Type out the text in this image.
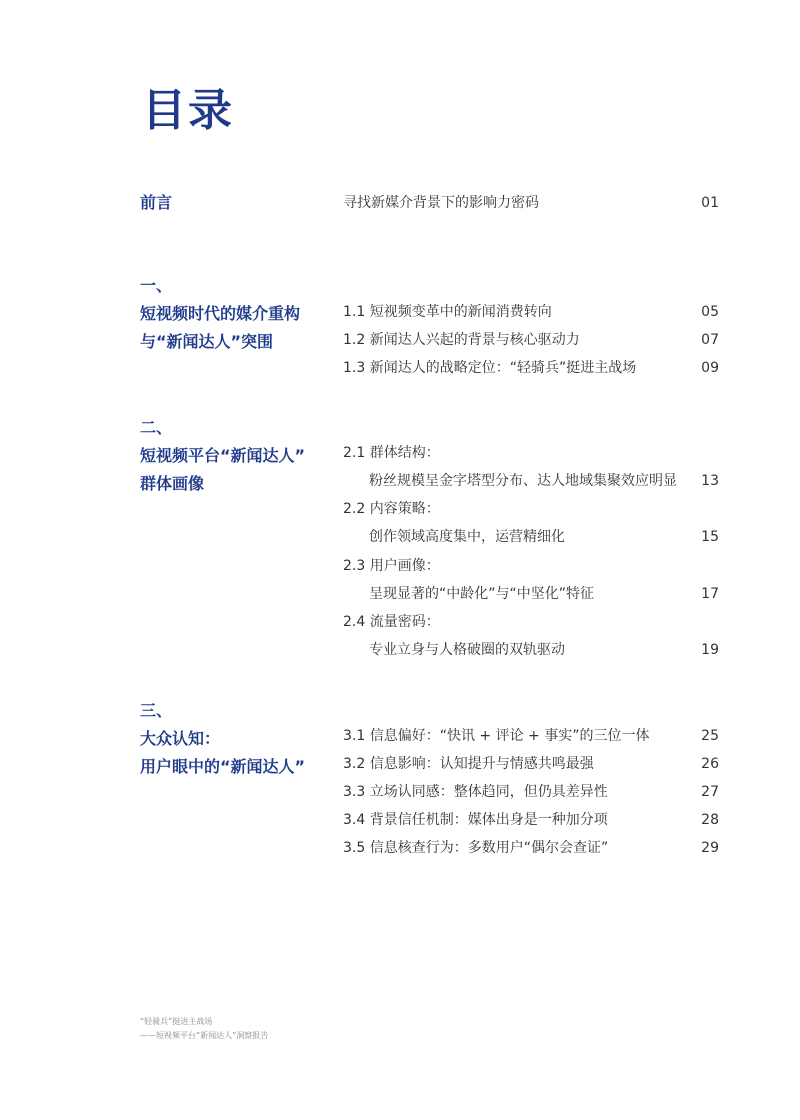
目录
前言	寻找新媒介背景下的影响力密码	01
一、
短视频时代的媒介重构
与“新闻达人”突围
1.1 短视频变革中的新闻消费转向	05
1.2 新闻达人兴起的背景与核心驱动力	07
1.3 新闻达人的战略定位：“轻骑兵”挺进主战场	09
二、
短视频平台“新闻达人”
群体画像
2.1 群体结构：
粉丝规模呈金字塔型分布、达人地域集聚效应明显 13
2.2 内容策略：
创作领域高度集中，运营精细化	15
2.3 用户画像：
呈现显著的“中龄化”与“中坚化”特征	17
2.4 流量密码：
专业立身与人格破圈的双轨驱动	19
三、
大众认知：
用户眼中的“新闻达人”
3.1 信息偏好：“快讯 + 评论 + 事实”的三位一体	25
3.2 信息影响：认知提升与情感共鸣最强	26
3.3 立场认同感：整体趋同，但仍具差异性	27
3.4 背景信任机制：媒体出身是一种加分项	28
3.5 信息核查行为：多数用户“偶尔会查证”	29
“轻骑兵”挺进主战场
——短视频平台“新闻达人”洞察报告
